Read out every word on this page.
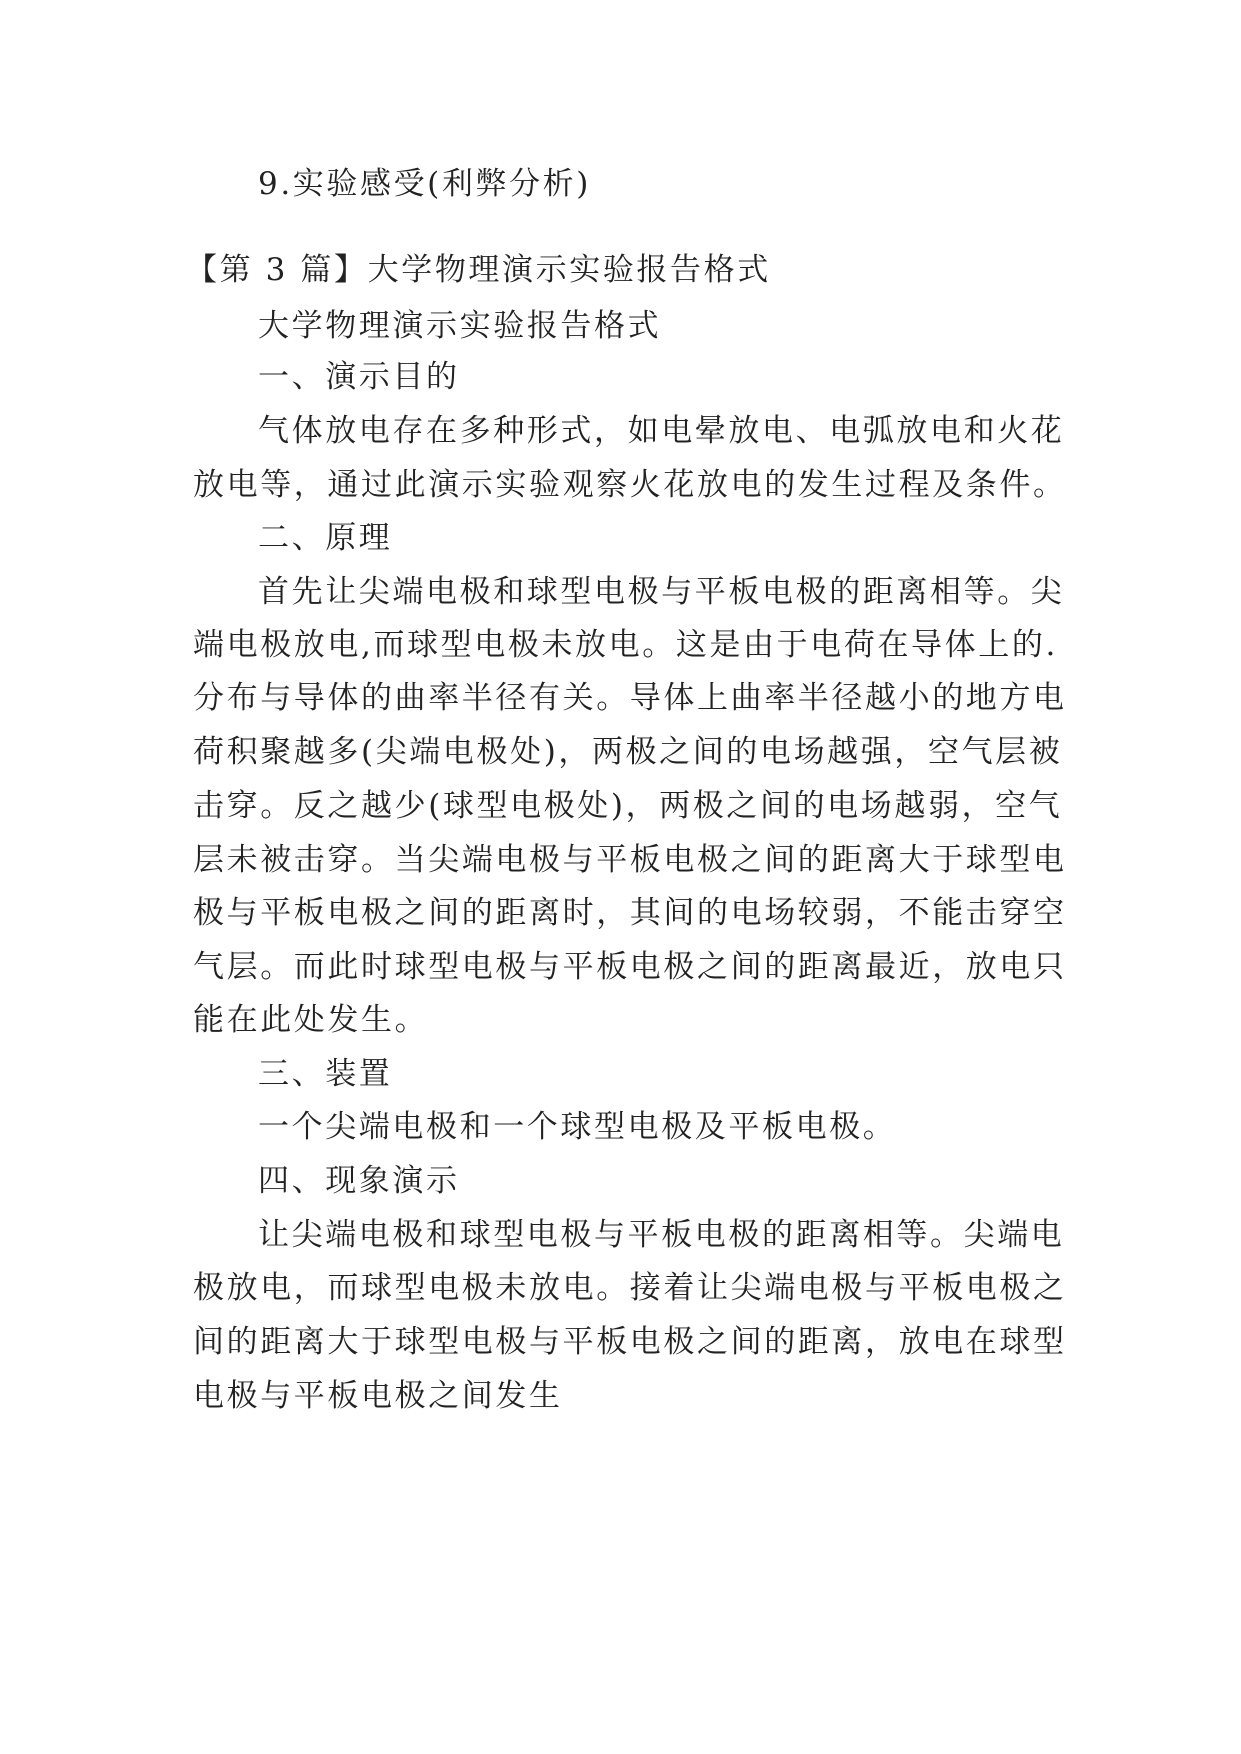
9.实验感受(利弊分析)
【第 3 篇】大学物理演示实验报告格式
大学物理演示实验报告格式
一、演示目的
气体放电存在多种形式，如电晕放电、电弧放电和火花
放电等，通过此演示实验观察火花放电的发生过程及条件。
二、原理
首先让尖端电极和球型电极与平板电极的距离相等。尖
端电极放电,而球型电极未放电。这是由于电荷在导体上的.
分布与导体的曲率半径有关。导体上曲率半径越小的地方电
荷积聚越多(尖端电极处)，两极之间的电场越强，空气层被
击穿。反之越少(球型电极处)，两极之间的电场越弱，空气
层未被击穿。当尖端电极与平板电极之间的距离大于球型电
极与平板电极之间的距离时，其间的电场较弱，不能击穿空
气层。而此时球型电极与平板电极之间的距离最近，放电只
能在此处发生。
三、装置
一个尖端电极和一个球型电极及平板电极。
四、现象演示
让尖端电极和球型电极与平板电极的距离相等。尖端电
极放电，而球型电极未放电。接着让尖端电极与平板电极之
间的距离大于球型电极与平板电极之间的距离，放电在球型
电极与平板电极之间发生
